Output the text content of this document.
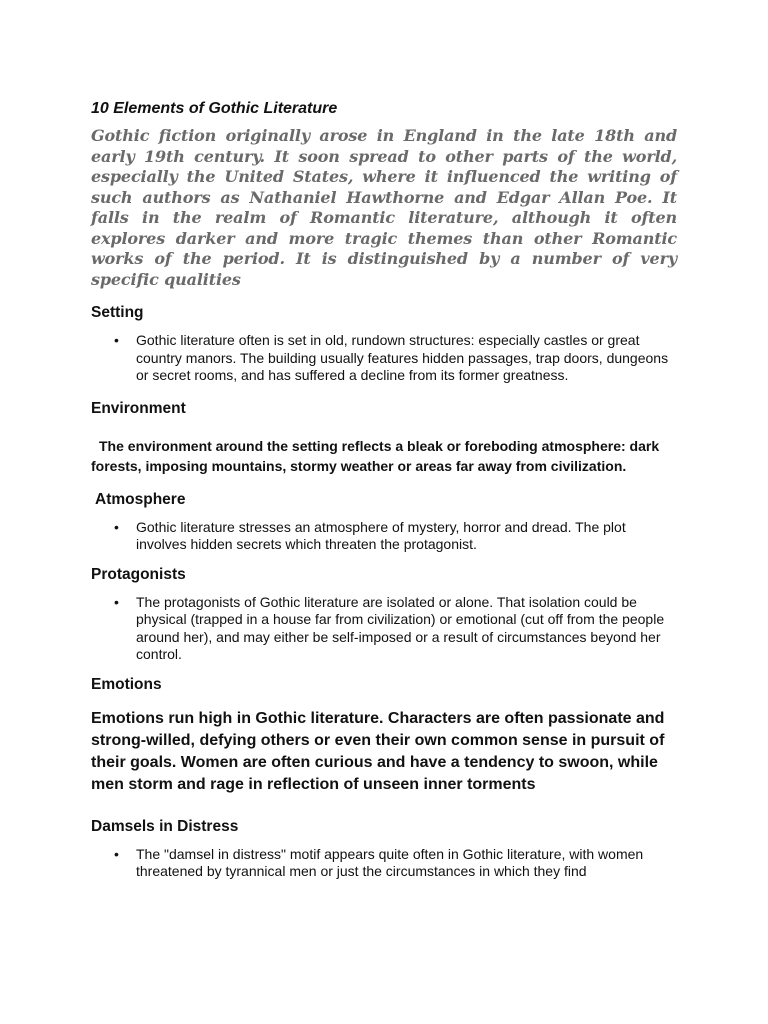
10 Elements of Gothic Literature

Gothic fiction originally arose in England in the late 18th and early 19th century. It soon spread to other parts of the world, especially the United States, where it influenced the writing of such authors as Nathaniel Hawthorne and Edgar Allan Poe. It falls in the realm of Romantic literature, although it often explores darker and more tragic themes than other Romantic works of the period. It is distinguished by a number of very specific qualities

Setting
• Gothic literature often is set in old, rundown structures: especially castles or great country manors. The building usually features hidden passages, trap doors, dungeons or secret rooms, and has suffered a decline from its former greatness.
Environment

The environment around the setting reflects a bleak or foreboding atmosphere: dark forests, imposing mountains, stormy weather or areas far away from civilization.

Atmosphere
• Gothic literature stresses an atmosphere of mystery, horror and dread. The plot involves hidden secrets which threaten the protagonist.
Protagonists
• The protagonists of Gothic literature are isolated or alone. That isolation could be physical (trapped in a house far from civilization) or emotional (cut off from the people around her), and may either be self-imposed or a result of circumstances beyond her control.
Emotions

Emotions run high in Gothic literature. Characters are often passionate and strong-willed, defying others or even their own common sense in pursuit of their goals. Women are often curious and have a tendency to swoon, while men storm and rage in reflection of unseen inner torments

Damsels in Distress
• The "damsel in distress" motif appears quite often in Gothic literature, with women threatened by tyrannical men or just the circumstances in which they find
